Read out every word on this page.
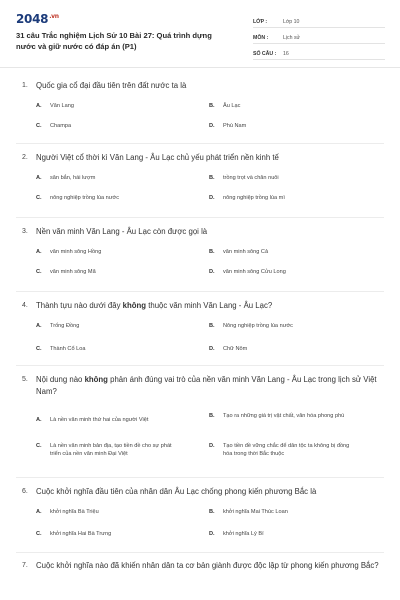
$2048^{.vn}$
31 câu Trắc nghiệm Lịch Sử 10 Bài 27: Quá trình dựng nước và giữ nước có đáp án (P1)
LỚP :	Lớp 10
MÔN :	Lịch sử
SỐ CÂU :	16
1.	Quốc gia cổ đại đầu tiên trên đất nước ta là
A.	Văn Lang	B.	Âu Lạc
C.	Champa	D.	Phù Nam
2.	Người Việt cổ thời kì Văn Lang - Âu Lạc chủ yếu phát triển nền kinh tế
A.	săn bắn, hái lượm	B.	trồng trọt và chăn nuôi
C.	nông nghiệp trồng lúa nước	D.	nông nghiệp trồng lúa mì
3.	Nền văn minh Văn Lang - Âu Lạc còn được gọi là
A.	văn minh sông Hồng	B.	văn minh sông Cả
C.	văn minh sông Mã	D.	văn minh sông Cửu Long
4.	Thành tựu nào dưới đây không thuộc văn minh Văn Lang - Âu Lạc?
A.	Trống Đồng	B.	Nông nghiệp trồng lúa nước
C.	Thành Cổ Loa	D.	Chữ Nôm
5.	Nội dung nào không phản ánh đúng vai trò của nền văn minh Văn Lang - Âu Lạc trong lịch sử Việt Nam?
A.	Là nền văn minh thứ hai của người Việt
B.	Tạo ra những giá trị vật chất, văn hóa phong phú
C.	Là nền văn minh bản địa, tạo tiền đề cho sự phát triển của nền văn minh Đại Việt
D.	Tạo tiền đề vững chắc để dân tộc ta không bị đồng hóa trong thời Bắc thuộc
6.	Cuộc khởi nghĩa đầu tiên của nhân dân Âu Lạc chống phong kiến phương Bắc là
A.	khởi nghĩa Bà Triệu	B.	khởi nghĩa Mai Thúc Loan
C.	khởi nghĩa Hai Bà Trưng	D.	khởi nghĩa Lý Bí
7.	Cuộc khởi nghĩa nào đã khiến nhân dân ta cơ bản giành được độc lập từ phong kiến phương Bắc?
